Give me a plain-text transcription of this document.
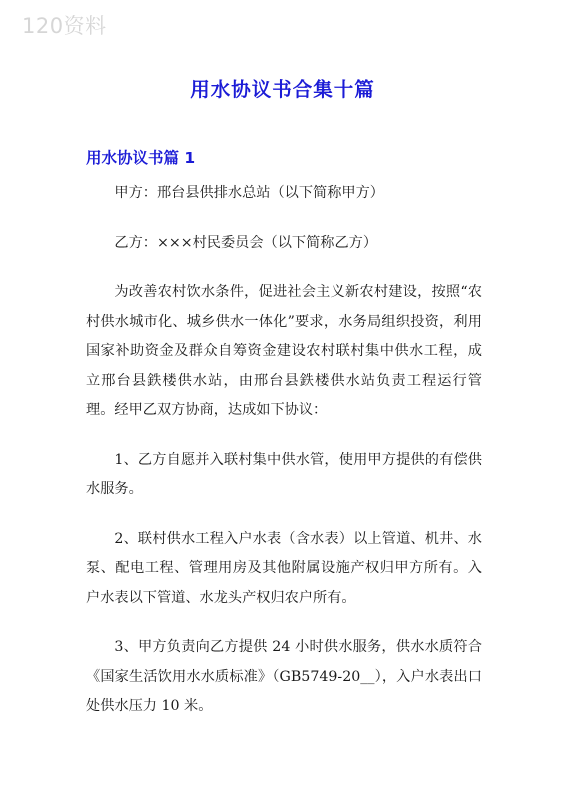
120资料
用水协议书合集十篇
用水协议书篇 1

甲方：邢台县供排水总站（以下简称甲方）

乙方：×××村民委员会（以下简称乙方）

为改善农村饮水条件，促进社会主义新农村建设，按照“农村供水城市化、城乡供水一体化”要求，水务局组织投资，利用国家补助资金及群众自筹资金建设农村联村集中供水工程，成立邢台县鉄楼供水站，由邢台县鉄楼供水站负责工程运行管理。经甲乙双方协商，达成如下协议：

1、乙方自愿并入联村集中供水管，使用甲方提供的有偿供水服务。

2、联村供水工程入户水表（含水表）以上管道、机井、水泵、配电工程、管理用房及其他附属设施产权归甲方所有。入户水表以下管道、水龙头产权归农户所有。

3、甲方负责向乙方提供 24 小时供水服务，供水水质符合《国家生活饮用水水质标准》（GB5749-20__），入户水表出口处供水压力 10 米。
